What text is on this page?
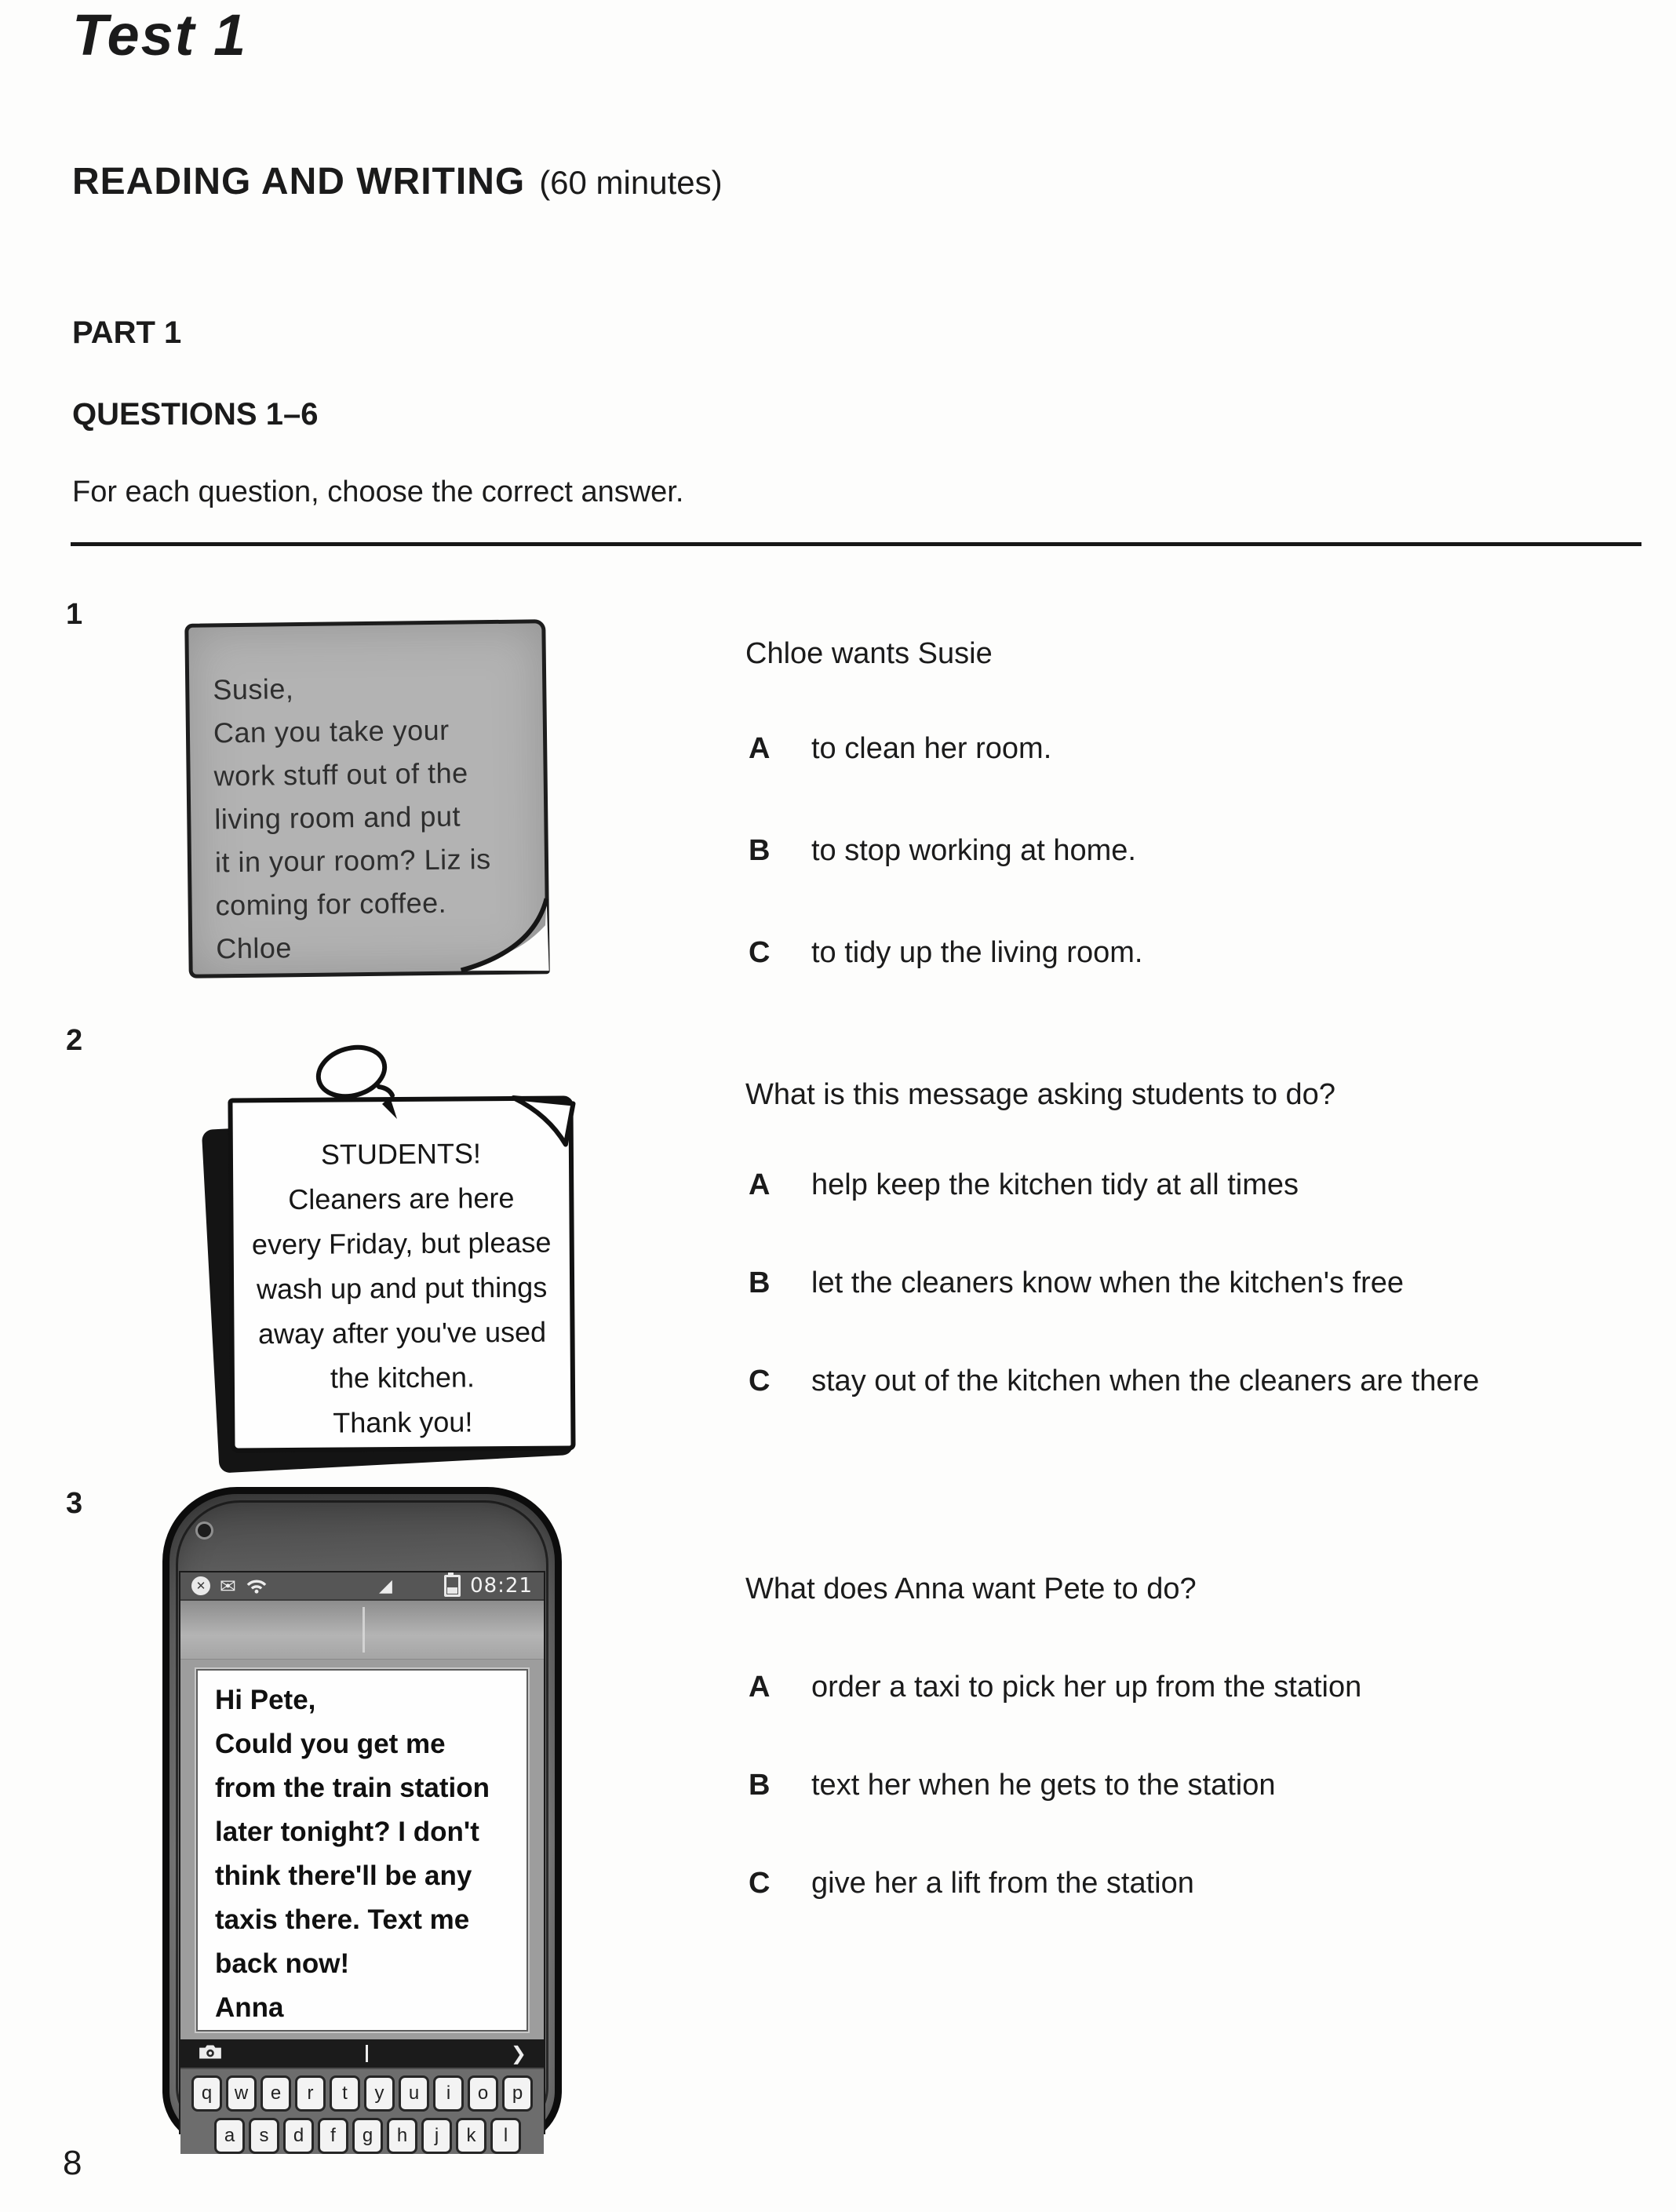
Test 1
READING AND WRITING (60 minutes)
PART 1
QUESTIONS 1–6
For each question, choose the correct answer.
1
Susie,
Can you take your
work stuff out of the
living room and put
it in your room? Liz is
coming for coffee.
Chloe
Chloe wants Susie
A	to clean her room.
B	to stop working at home.
C	to tidy up the living room.
2
STUDENTS!
Cleaners are here
every Friday, but please
wash up and put things
away after you've used
the kitchen.
Thank you!
What is this message asking students to do?
A	help keep the kitchen tidy at all times
B	let the cleaners know when the kitchen's free
C	stay out of the kitchen when the cleaners are there
3
✕ ✉	◢	08:21
Hi Pete,
Could you get me
from the train station
later tonight? I don't
think there'll be any
taxis there. Text me
back now!
Anna
❯
q	w	e	r	t	y	u	i	o	p
a	s	d	f	g	h	j	k	l
What does Anna want Pete to do?
A	order a taxi to pick her up from the station
B	text her when he gets to the station
C	give her a lift from the station
8
